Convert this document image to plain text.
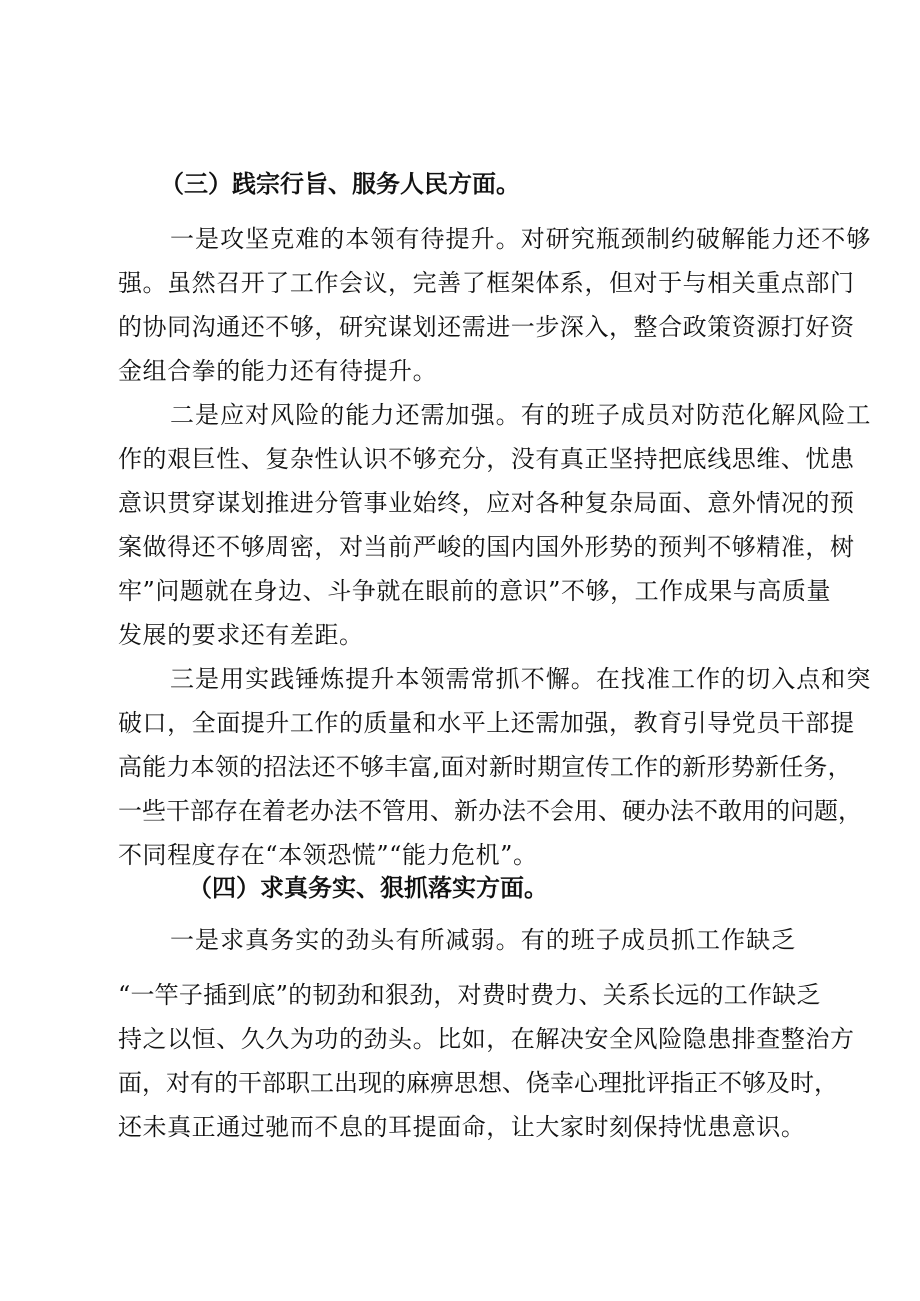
（三）践宗行旨、服务人民方面。
一是攻坚克难的本领有待提升。对研究瓶颈制约破解能力还不够
强。虽然召开了工作会议，完善了框架体系，但对于与相关重点部门
的协同沟通还不够，研究谋划还需进一步深入，整合政策资源打好资
金组合拳的能力还有待提升。
二是应对风险的能力还需加强。有的班子成员对防范化解风险工
作的艰巨性、复杂性认识不够充分，没有真正坚持把底线思维、忧患
意识贯穿谋划推进分管事业始终，应对各种复杂局面、意外情况的预
案做得还不够周密，对当前严峻的国内国外形势的预判不够精准，树
牢”问题就在身边、斗争就在眼前的意识”不够，工作成果与高质量
发展的要求还有差距。
三是用实践锤炼提升本领需常抓不懈。在找准工作的切入点和突
破口，全面提升工作的质量和水平上还需加强，教育引导党员干部提
高能力本领的招法还不够丰富,面对新时期宣传工作的新形势新任务，
一些干部存在着老办法不管用、新办法不会用、硬办法不敢用的问题，
不同程度存在“本领恐慌”“能力危机”。
（四）求真务实、狠抓落实方面。
一是求真务实的劲头有所减弱。有的班子成员抓工作缺乏
“一竿子插到底”的韧劲和狠劲，对费时费力、关系长远的工作缺乏
持之以恒、久久为功的劲头。比如，在解决安全风险隐患排查整治方
面，对有的干部职工出现的麻痹思想、侥幸心理批评指正不够及时，
还未真正通过驰而不息的耳提面命，让大家时刻保持忧患意识。
